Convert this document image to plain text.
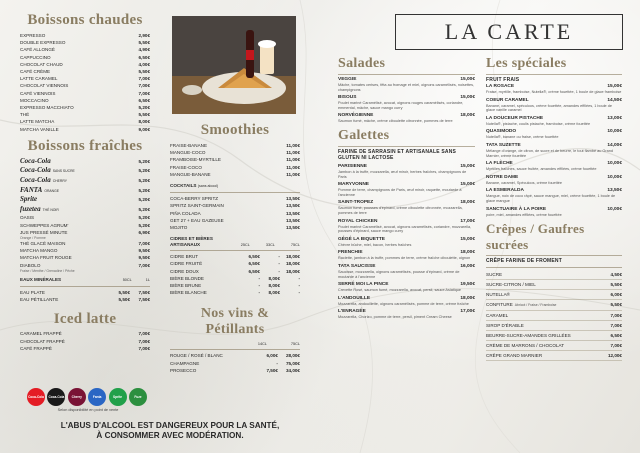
Boissons chaudes
EXPRESSO	2,90€
DOUBLE EXPRESSO	5,50€
CAFÉ ALLONGÉ	4,90€
CAPPUCCINO	6,50€
CHOCOLAT CHAUD	4,00€
CAFÉ CRÈME	5,50€
LATTE CARAMEL	7,00€
CHOCOLAT VIENNOIS	7,00€
CAFÉ VIENNOIS	7,00€
MOCCACINO	6,50€
EXPRESSO MACCHIATO	5,20€
THÉ	5,50€
LATTE MATCHA	8,00€
MATCHA VANILLE	9,00€
Boissons fraîches
Coca-Cola	5,20€
Coca-Cola SANS SUCRE	5,20€
Coca-Cola CHERRY	5,20€
FANTA ORANGE	5,20€
Sprite	5,20€
fuzetea THÉ NOIR	5,20€
OASIS	5,20€
SCHWEPPES AGRUM'	5,20€
JUS PRESSÉ MINUTE	6,90€
Orange / Pomme
THÉ GLACÉ MAISON	7,00€
MATCHA MANGO	9,50€
MATCHA FRUIT ROUGE	9,50€
DIABOLO	7,00€
Fraise / Menthe / Grenadine / Pêche
EAUX MINÉRALES	50CL	1L
EAU PLATE	5,50€	7,50€
EAU PÉTILLANTE	5,50€	7,50€
Iced latte
CARAMEL FRAPPÉ	7,00€
CHOCOLAT FRAPPÉ	7,00€
CAFÉ FRAPPÉ	7,00€
Coca-Cola	Coca-Cola	Cherry	Fanta	Sprite	Fuze
Selon disponibilité en point de vente
L'ABUS D'ALCOOL EST DANGEREUX POUR LA SANTÉ,
À CONSOMMER AVEC MODÉRATION.
Smoothies
FRAISE-BANANE	11,00€
MANGUE-COCO	11,00€
FRAMBOISE-MYRTILLE	11,00€
FRAISE-COCO	11,00€
MANGUE-BANANE	11,00€
COCKTAILS (sans alcool)
COCA-BERRY SPRITZ	13,50€
SPRITZ SAINT-GERMAIN	13,50€
PIÑA COLADA	13,50€
GET 27 + EAU GAZEUSE	13,50€
MOJITO	13,50€
CIDRES ET BIÈRES ARTISANAUX	25CL	33CL	75CL
CIDRE BRUT	6,50€	- 18,00€
CIDRE FRUITÉ	6,50€	- 18,00€
CIDRE DOUX	6,50€	- 18,00€
BIÈRE BLONDE	-	8,00€	-
BIÈRE BRUNE	-	8,00€	-
BIÈRE BLANCHE	-	8,00€	-
Nos vins & Pétillants
14CL	75CL
ROUGE / ROSÉ / BLANC	6,00€ 28,00€
CHAMPAGNE	- 75,00€
PROSECCO	7,50€ 34,00€
LA CARTE
Salades
VEGGIE	15,00€
Mâche, tomates cerises, fêta au fromage et miel, oignons caramélisés, noisettes, champignons
BISOUS	15,00€
Poulet mariné Caramélisé, avocat, oignons rouges caramélisés, coriandre, emmental, mâche, sauce mango curry
NORVÉGIENNE	18,00€
Saumon fumé, mâche, crème ciboulette citronnée, pommes de terre
Galettes
FARINE DE SARRASIN ET ARTISANALE SANS GLUTEN NI LACTOSE
PARISIENNE	15,00€
Jambon à la truffe, mozzarella, œuf miroir, herbes fraîches, champignons de Paris
MARYVONNE	15,00€
Pomme de terre, champignons de Paris, œuf miroir, raquette, moutarde à l'ancienne
SAINT-TROPEZ	18,00€
Saumon fumé, pousses d'épinard, crème ciboulette citronnée, mozzarella, pommes de terre
ROYAL CHICKEN	17,00€
Poulet mariné Caramélisé, avocat, oignons caramélisés, coriandre, mozzarella, pousses d'épinard, sauce mango curry
GÉGÉ LA BIQUETTE	15,00€
Chèvre bûche, miel, bacon, herbes fraîches
FRENCHIE	18,00€
Raclette, jambon à la truffe, pommes de terre, crème fraîche ciboulette, oignon
TATA SAUCISSE	16,00€
Saucisse, mozzarella, oignons caramélisés, pousse d'épinard, crème de moutarde à l'ancienne
SERRÉ MOI LA PINCE	19,50€
Crevette Rosé, saumon fumé, mozzarella, avocat, persil, sauce Asiatique
L'ANDOUILLE	18,00€
Mozzarella, andouillette, oignons caramélisés, pomme de terre, crème fraîche
L'ENRAGÉE	17,00€
Mozzarella, Chorizo, pomme de terre, persil, piment Cream Cheese
Les spéciales
FRUIT FRAIS
LA ROSACE	15,00€
Fraise, myrtille, framboise, Nutella®, crème fouettée, 1 boule de glace framboise
COEUR CARAMEL	14,50€
Banane, caramel, spéculoos, crème fouettée, amandes effilées, 1 boule de glace vanille caramel
LA DOUCEUR PISTACHE	13,00€
Nutella®, pistache, coulis pistache, framboise, crème fouettée
QUASIMODO	10,00€
Nutella®, banane ou fraise, crème fouettée
TATA SUZETTE	14,00€
Mélange d'orange, de citron, de sucre et de beurre, le tout flambé au Grand Marnier, crème fouettée
LA FLÈCHE	10,00€
Myrtilles fraîches, sauce fruitée, amandes effilées, crème fouettée
NOTRE DAME	10,00€
Banane, caramel, Spéculoos, crème fouettée
LA ESMERALDA	13,50€
Mangue, noix de coco râpé, sauce mangue, miel, crème fouettée, 1 boule de glace mangue
SANCTUAIRE À LA POIRE	10,00€
poire, miel, amandes effilées, crème fouettée
Crêpes / Gaufres sucrées
CRÊPE FARINE DE FROMENT
SUCRE	4,50€
SUCRE-CITRON / MIEL	5,50€
NUTELLA®	6,00€
CONFITURE Abricot / Fraise / Framboise	5,50€
CARAMEL	7,00€
SIROP D'ÉRABLE	7,00€
BEURRE-SUCRE-AMANDES GRILLÉES	6,50€
CRÈME DE MARRONS / CHOCOLAT	7,00€
CRÊPE GRAND MARNIER	12,00€
